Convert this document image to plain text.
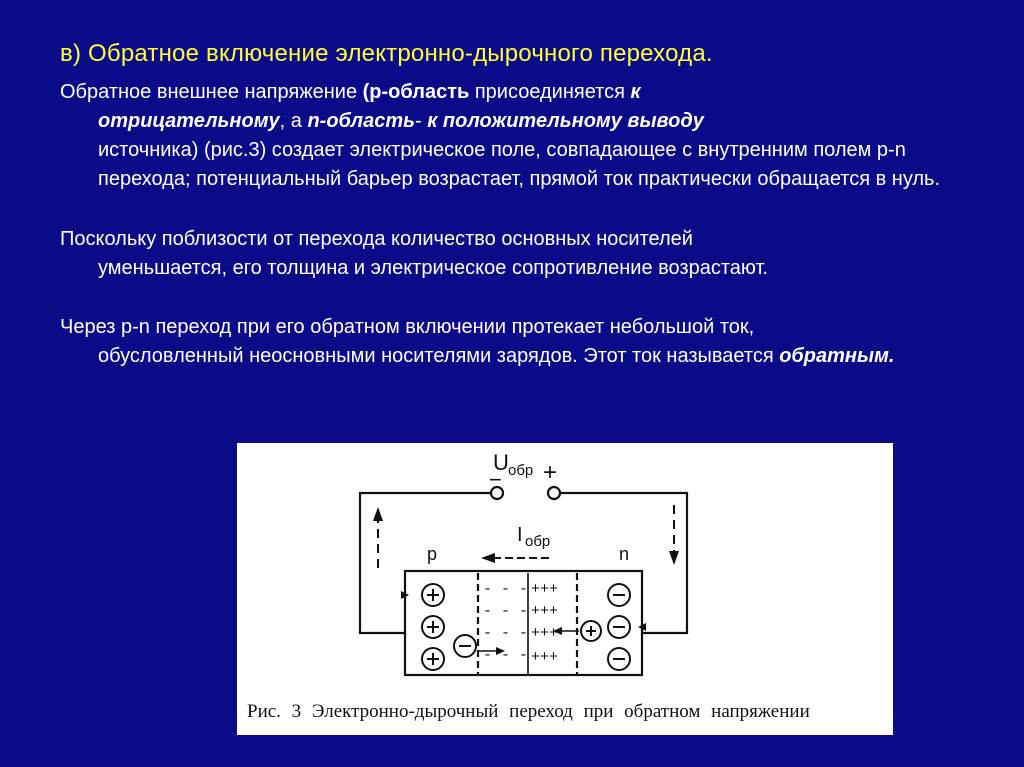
в) Обратное включение электронно-дырочного перехода.
Обратное внешнее напряжение (р-область присоединяется к
отрицательному, а n-область- к положительному выводу
источника) (рис.3) создает электрическое поле, совпадающее с внутренним полем p-n перехода; потенциальный барьер возрастает, прямой ток практически обращается в нуль.
Поскольку поблизости от перехода количество основных носителей
уменьшается, его толщина и электрическое сопротивление возрастают.
Через p-n переход при его обратном включении протекает небольшой ток,
обусловленный неосновными носителями зарядов. Этот ток называется обратным.
U обр +
−
I обр
p	n
- - -
- - -
- - -
- - -
+++
+++
+++
+++
Рис. 3 Электронно-дырочный переход при обратном напряжении
